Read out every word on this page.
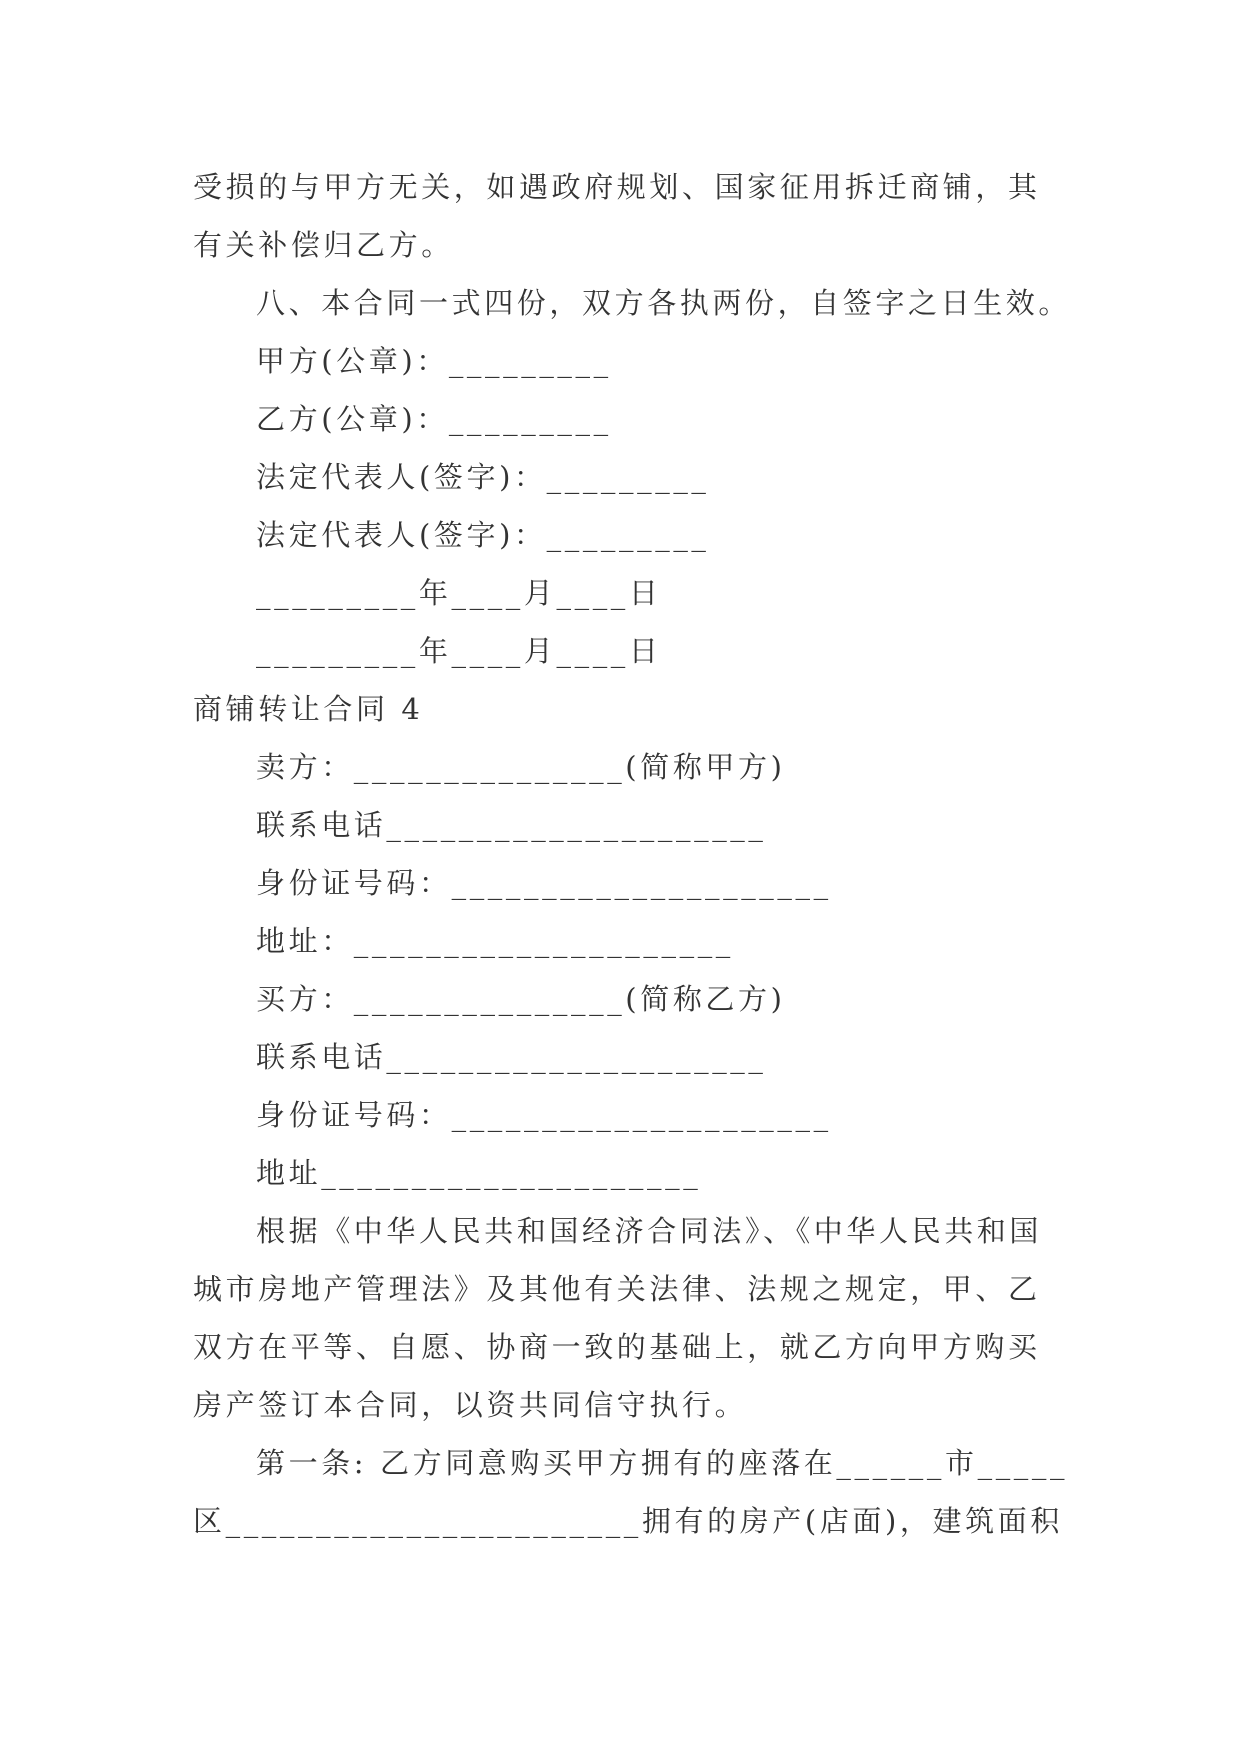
受损的与甲方无关，如遇政府规划、国家征用拆迁商铺，其
有关补偿归乙方。
八、本合同一式四份，双方各执两份，自签字之日生效。
甲方(公章)：_________
乙方(公章)：_________
法定代表人(签字)：_________
法定代表人(签字)：_________
_________年____月____日
_________年____月____日
商铺转让合同 4
卖方：_______________(简称甲方)
联系电话_____________________
身份证号码：_____________________
地址：_____________________
买方：_______________(简称乙方)
联系电话_____________________
身份证号码：_____________________
地址_____________________
根据《中华人民共和国经济合同法》、《中华人民共和国
城市房地产管理法》及其他有关法律、法规之规定，甲、乙
双方在平等、自愿、协商一致的基础上，就乙方向甲方购买
房产签订本合同，以资共同信守执行。
第一条: 乙方同意购买甲方拥有的座落在______市_____
区_______________________拥有的房产(店面)，建筑面积
